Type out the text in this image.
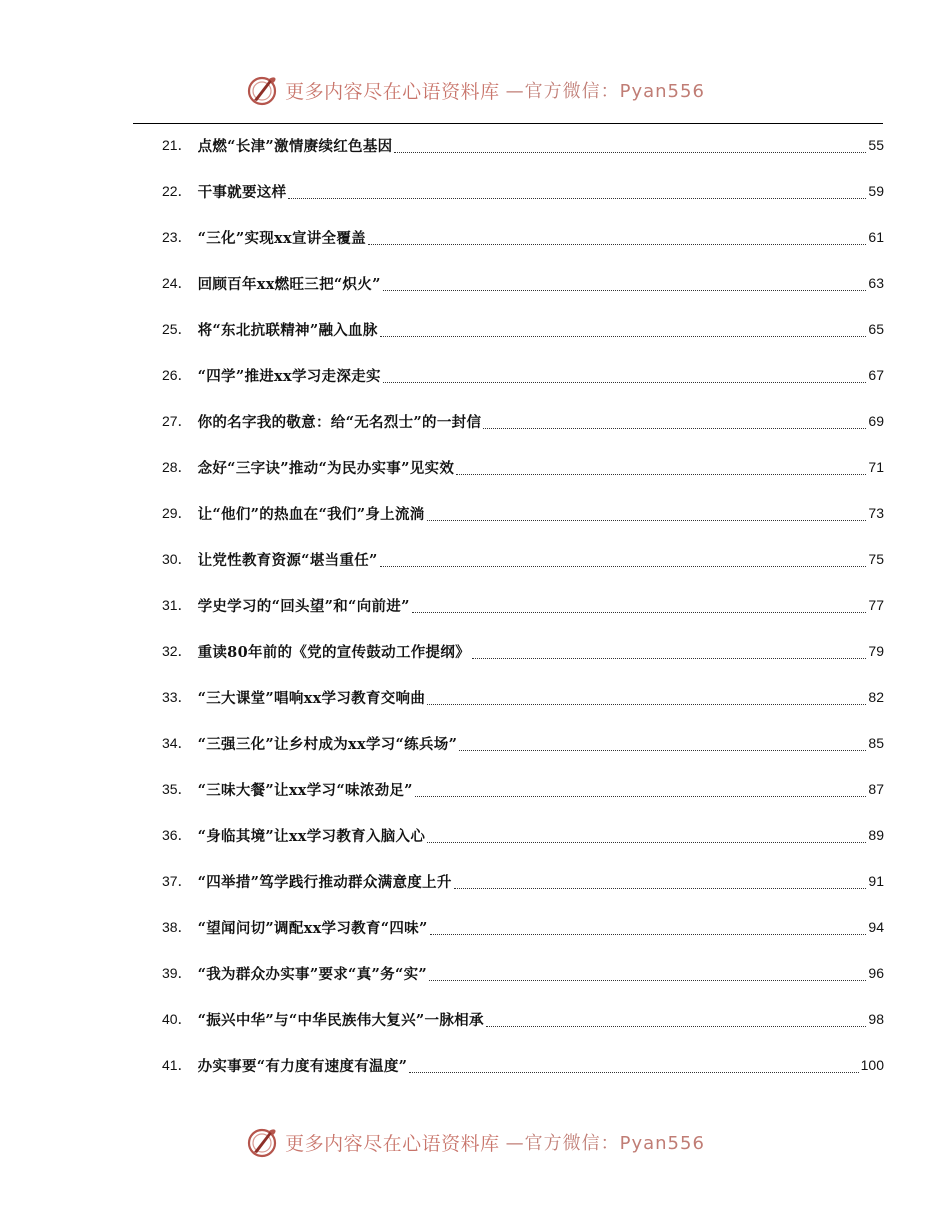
更多内容尽在心语资料库 —官方微信：Pyan556
21． 点燃“长津”激情赓续红色基因	55
22． 干事就要这样	59
23． “三化”实现xx宣讲全覆盖	61
24． 回顾百年xx燃旺三把“炽火”	63
25． 将“东北抗联精神”融入血脉	65
26． “四学”推进xx学习走深走实	67
27． 你的名字我的敬意：给“无名烈士”的一封信	69
28． 念好“三字诀”推动“为民办实事”见实效	71
29． 让“他们”的热血在“我们”身上流淌	73
30． 让党性教育资源“堪当重任”	75
31． 学史学习的“回头望”和“向前进”	77
32． 重读80年前的《党的宣传鼓动工作提纲》	79
33． “三大课堂”唱响xx学习教育交响曲	82
34． “三强三化”让乡村成为xx学习“练兵场”	85
35． “三味大餐”让xx学习“味浓劲足”	87
36． “身临其境”让xx学习教育入脑入心	89
37． “四举措”笃学践行推动群众满意度上升	91
38． “望闻问切”调配xx学习教育“四味”	94
39． “我为群众办实事”要求“真”务“实”	96
40． “振兴中华”与“中华民族伟大复兴”一脉相承	98
41． 办实事要“有力度有速度有温度”	100
更多内容尽在心语资料库 —官方微信：Pyan556
